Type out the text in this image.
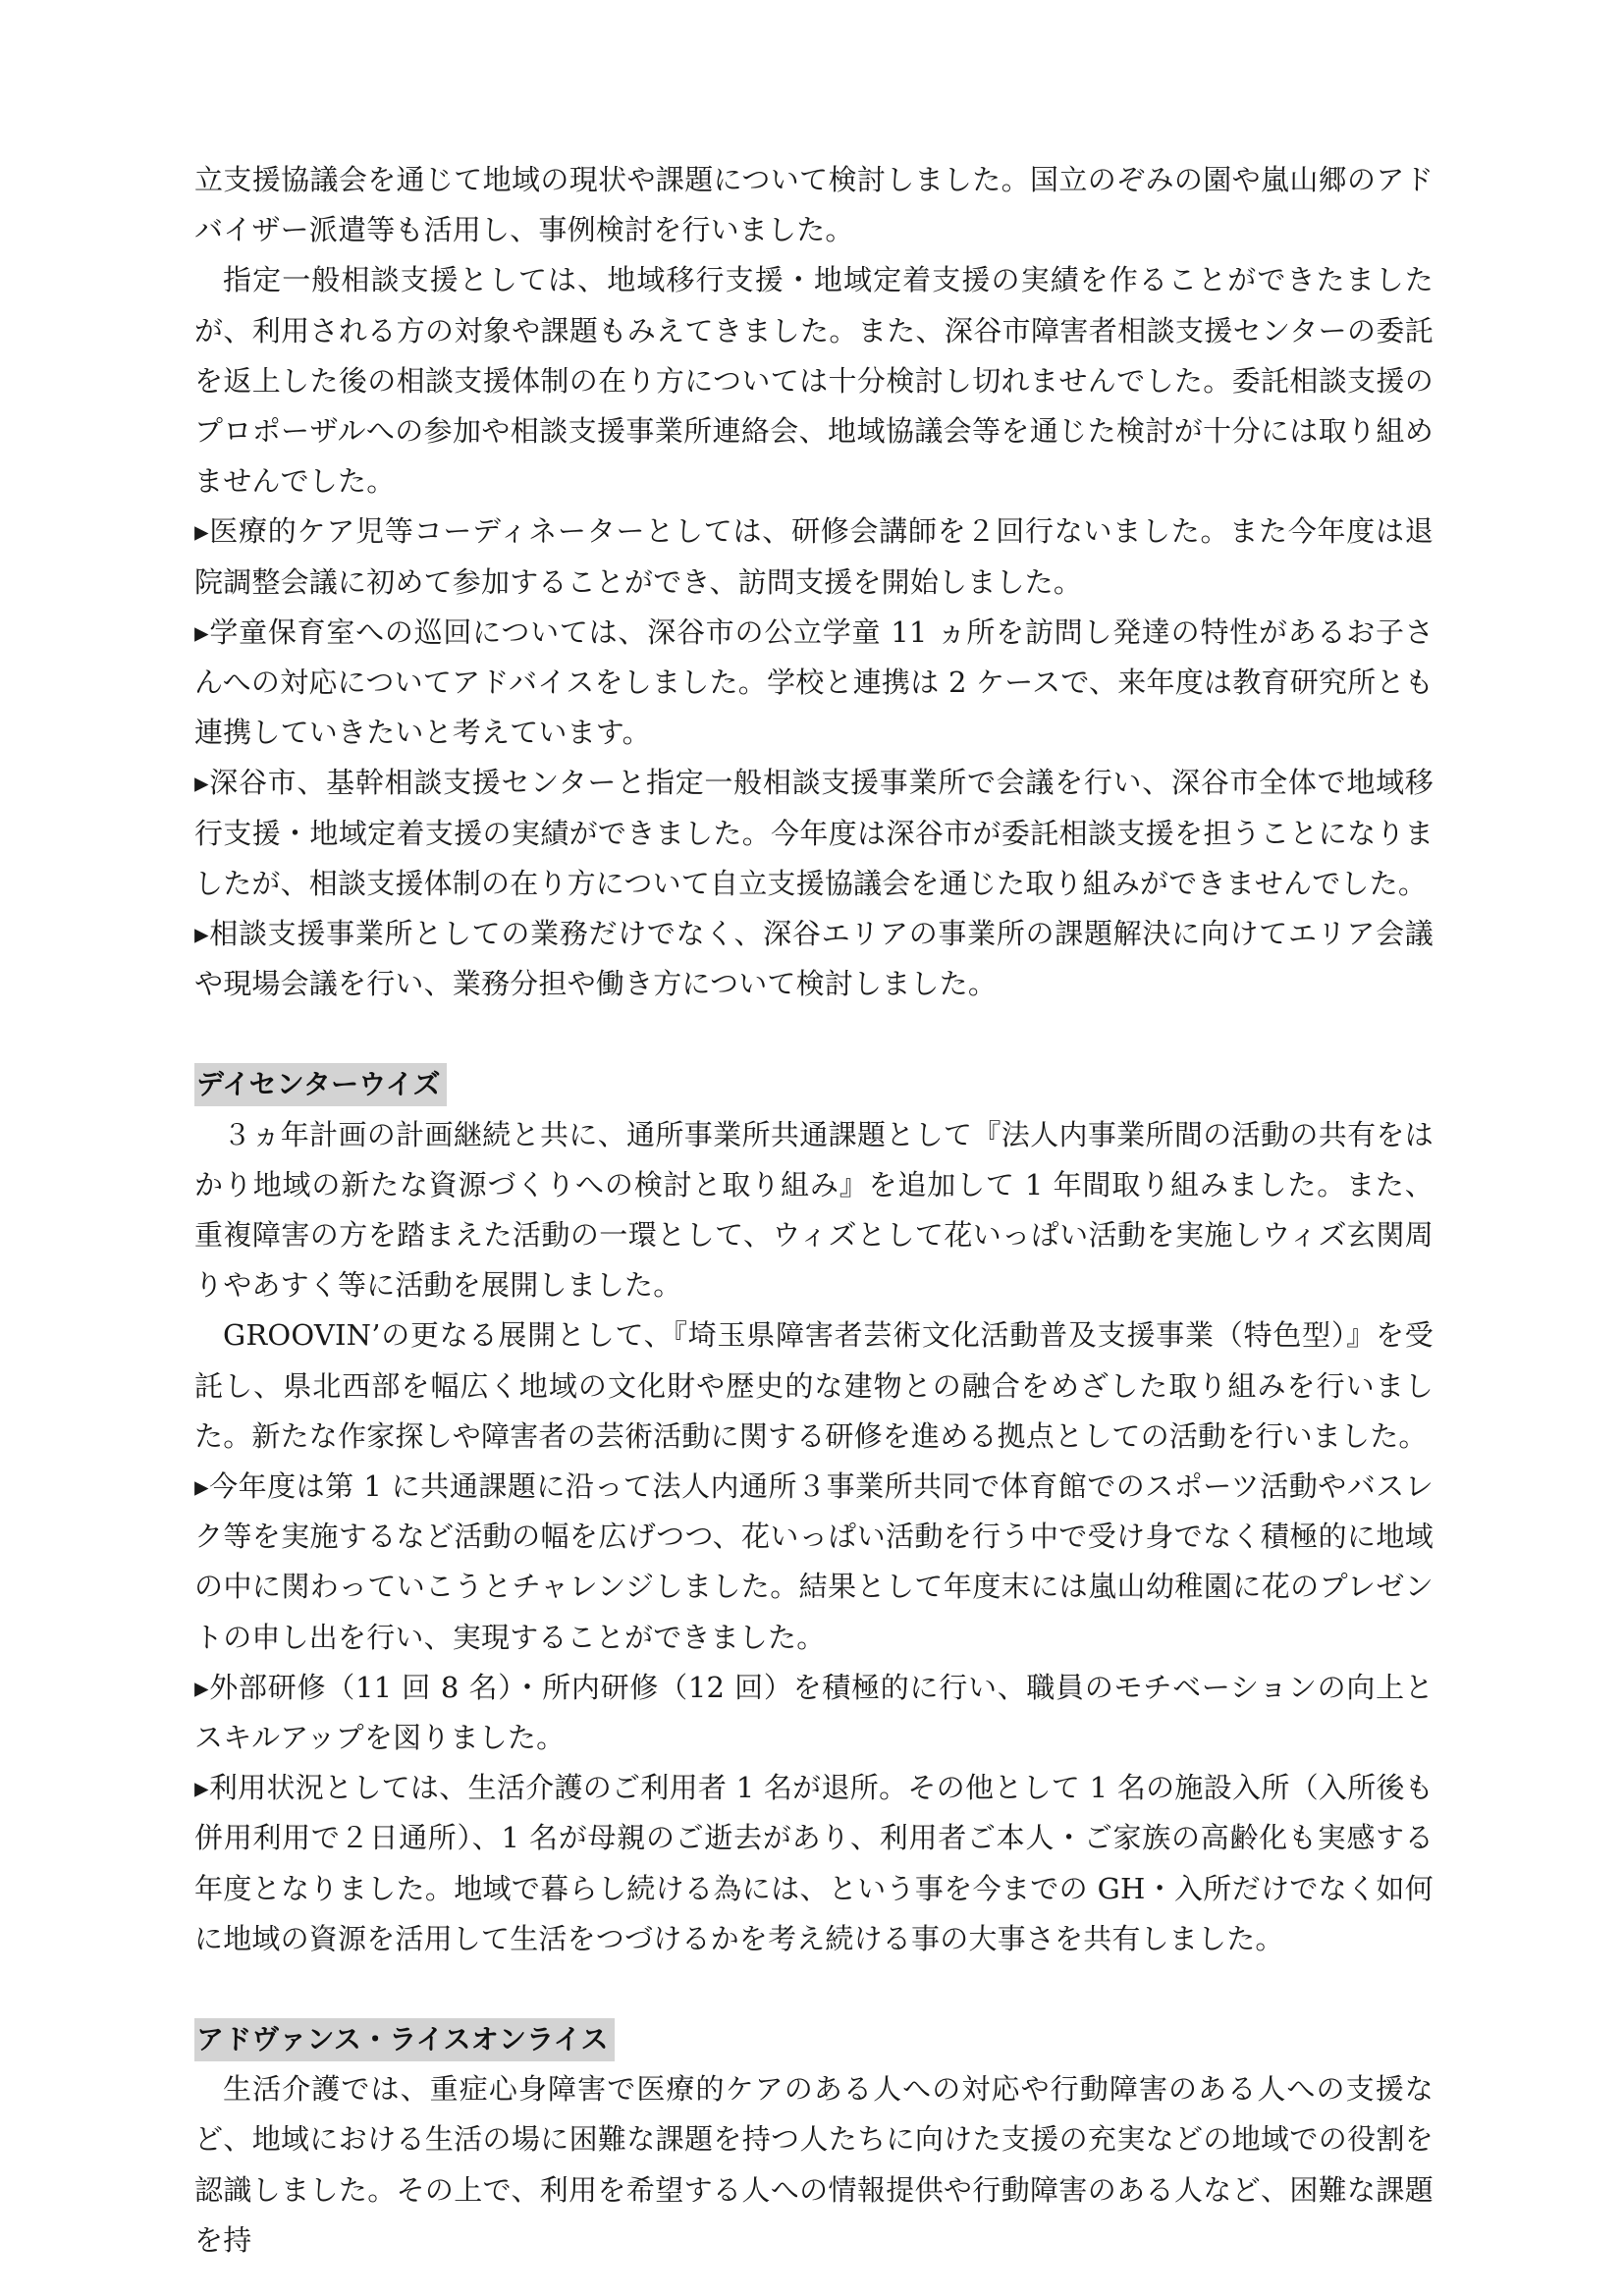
立支援協議会を通じて地域の現状や課題について検討しました。国立のぞみの園や嵐山郷のアドバイザー派遣等も活用し、事例検討を行いました。

指定一般相談支援としては、地域移行支援・地域定着支援の実績を作ることができたましたが、利用される方の対象や課題もみえてきました。また、深谷市障害者相談支援センターの委託を返上した後の相談支援体制の在り方については十分検討し切れませんでした。委託相談支援のプロポーザルへの参加や相談支援事業所連絡会、地域協議会等を通じた検討が十分には取り組めませんでした。

▸医療的ケア児等コーディネーターとしては、研修会講師を２回行ないました。また今年度は退院調整会議に初めて参加することができ、訪問支援を開始しました。

▸学童保育室への巡回については、深谷市の公立学童 11 ヵ所を訪問し発達の特性があるお子さんへの対応についてアドバイスをしました。学校と連携は 2 ケースで、来年度は教育研究所とも連携していきたいと考えています。

▸深谷市、基幹相談支援センターと指定一般相談支援事業所で会議を行い、深谷市全体で地域移行支援・地域定着支援の実績ができました。今年度は深谷市が委託相談支援を担うことになりましたが、相談支援体制の在り方について自立支援協議会を通じた取り組みができませんでした。

▸相談支援事業所としての業務だけでなく、深谷エリアの事業所の課題解決に向けてエリア会議や現場会議を行い、業務分担や働き方について検討しました。

デイセンターウイズ

３ヵ年計画の計画継続と共に、通所事業所共通課題として『法人内事業所間の活動の共有をはかり地域の新たな資源づくりへの検討と取り組み』を追加して 1 年間取り組みました。また、重複障害の方を踏まえた活動の一環として、ウィズとして花いっぱい活動を実施しウィズ玄関周りやあすく等に活動を展開しました。

GROOVIN’の更なる展開として、『埼玉県障害者芸術文化活動普及支援事業（特色型）』を受託し、県北西部を幅広く地域の文化財や歴史的な建物との融合をめざした取り組みを行いました。新たな作家探しや障害者の芸術活動に関する研修を進める拠点としての活動を行いました。

▸今年度は第 1 に共通課題に沿って法人内通所３事業所共同で体育館でのスポーツ活動やバスレク等を実施するなど活動の幅を広げつつ、花いっぱい活動を行う中で受け身でなく積極的に地域の中に関わっていこうとチャレンジしました。結果として年度末には嵐山幼稚園に花のプレゼントの申し出を行い、実現することができました。

▸外部研修（11 回 8 名）・所内研修（12 回）を積極的に行い、職員のモチベーションの向上とスキルアップを図りました。

▸利用状況としては、生活介護のご利用者 1 名が退所。その他として 1 名の施設入所（入所後も併用利用で２日通所）、1 名が母親のご逝去があり、利用者ご本人・ご家族の高齢化も実感する年度となりました。地域で暮らし続ける為には、という事を今までの GH・入所だけでなく如何に地域の資源を活用して生活をつづけるかを考え続ける事の大事さを共有しました。

アドヴァンス・ライスオンライス

生活介護では、重症心身障害で医療的ケアのある人への対応や行動障害のある人への支援など、地域における生活の場に困難な課題を持つ人たちに向けた支援の充実などの地域での役割を認識しました。その上で、利用を希望する人への情報提供や行動障害のある人など、困難な課題を持
